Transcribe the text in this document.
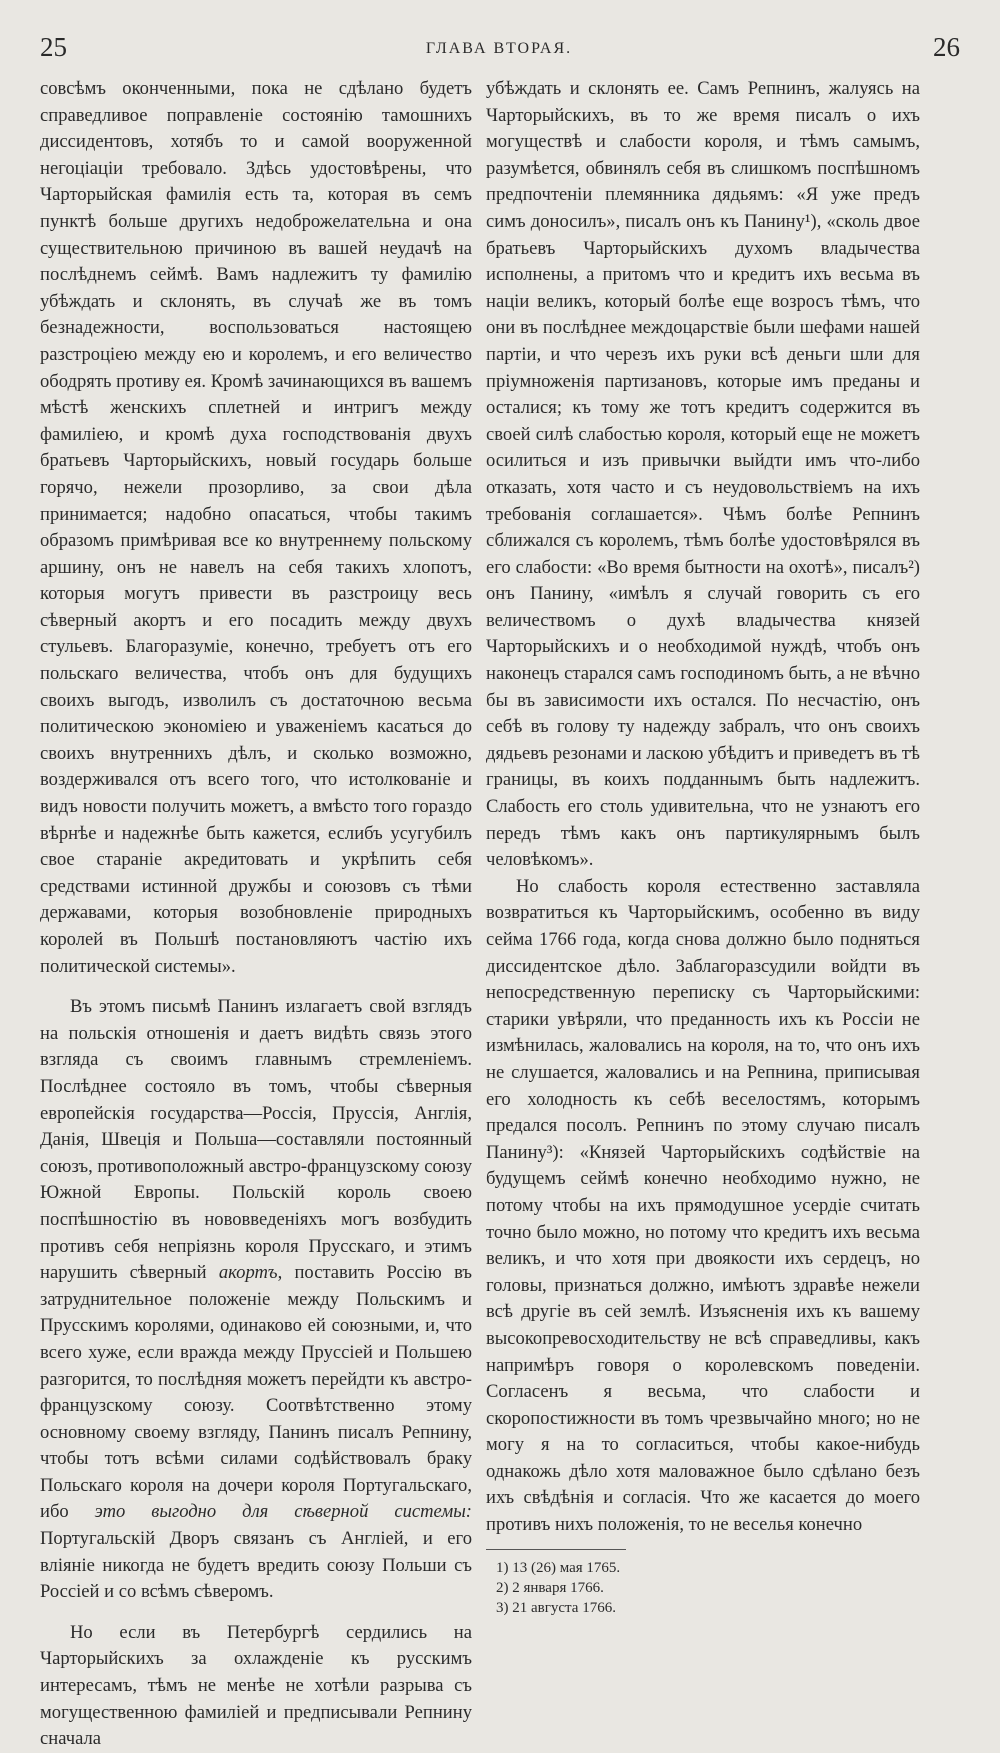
25	ГЛАВА ВТОРАЯ.	26

совсѣмъ оконченными, пока не сдѣлано будетъ справедливое поправленіе состоянію тамошнихъ диссидентовъ, хотябъ то и самой вооруженной негоціаціи требовало. Здѣсь удостовѣрены, что Чарторыйская фамилія есть та, которая въ семъ пунктѣ больше другихъ недоброжелательна и она существительною причиною въ вашей неудачѣ на послѣднемъ сеймѣ. Вамъ надлежитъ ту фамилію убѣждать и склонять, въ случаѣ же въ томъ безнадежности, воспользоваться настоящею разстроціею между ею и королемъ, и его величество ободрять противу ея. Кромѣ зачинающихся въ вашемъ мѣстѣ женскихъ сплетней и интригъ между фамиліею, и кромѣ духа господствованія двухъ братьевъ Чарторыйскихъ, новый государь больше горячо, нежели прозорливо, за свои дѣла принимается; надобно опасаться, чтобы такимъ образомъ примѣривая все ко внутреннему польскому аршину, онъ не навелъ на себя такихъ хлопотъ, которыя могутъ привести въ разстроицу весь сѣверный акортъ и его посадить между двухъ стульевъ. Благоразуміе, конечно, требуетъ отъ его польскаго величества, чтобъ онъ для будущихъ своихъ выгодъ, изволилъ съ достаточною весьма политическою экономіею и уваженіемъ касаться до своихъ внутреннихъ дѣлъ, и сколько возможно, воздерживался отъ всего того, что истолкованіе и видъ новости получить можетъ, а вмѣсто того гораздо вѣрнѣе и надежнѣе быть кажется, еслибъ усугубилъ свое стараніе акредитовать и укрѣпить себя средствами истинной дружбы и союзовъ съ тѣми державами, которыя возобновленіе природныхъ королей въ Польшѣ постановляютъ частію ихъ политической системы».

Въ этомъ письмѣ Панинъ излагаетъ свой взглядъ на польскія отношенія и даетъ видѣть связь этого взгляда съ своимъ главнымъ стремленіемъ. Послѣднее состояло въ томъ, чтобы сѣверныя европейскія государства—Россія, Пруссія, Англія, Данія, Швеція и Польша—составляли постоянный союзъ, противоположный австро-французскому союзу Южной Европы. Польскій король своею поспѣшностію въ нововведеніяхъ могъ возбудить противъ себя непріязнь короля Прусскаго, и этимъ нарушить сѣверный акортъ, поставить Россію въ затруднительное положеніе между Польскимъ и Прусскимъ королями, одинаково ей союзными, и, что всего хуже, если вражда между Пруссіей и Польшею разгорится, то послѣдняя можетъ перейдти къ австро-французскому союзу. Соотвѣтственно этому основному своему взгляду, Панинъ писалъ Репнину, чтобы тотъ всѣми силами содѣйствовалъ браку Польскаго короля на дочери короля Португальскаго, ибо это выгодно для сѣверной системы: Португальскій Дворъ связанъ съ Англіей, и его вліяніе никогда не будетъ вредить союзу Польши съ Россіей и со всѣмъ сѣверомъ.

Но если въ Петербургѣ сердились на Чарторыйскихъ за охлажденіе къ русскимъ интересамъ, тѣмъ не менѣе не хотѣли разрыва съ могущественною фамиліей и предписывали Репнину сначала

убѣждать и склонять ее. Самъ Репнинъ, жалуясь на Чарторыйскихъ, въ то же время писалъ о ихъ могуществѣ и слабости короля, и тѣмъ самымъ, разумѣется, обвинялъ себя въ слишкомъ поспѣшномъ предпочтеніи племянника дядьямъ: «Я уже предъ симъ доносилъ», писалъ онъ къ Панину¹), «сколь двое братьевъ Чарторыйскихъ духомъ владычества исполнены, а притомъ что и кредитъ ихъ весьма въ націи великъ, который болѣе еще возросъ тѣмъ, что они въ послѣднее междоцарствіе были шефами нашей партіи, и что черезъ ихъ руки всѣ деньги шли для пріумноженія партизановъ, которые имъ преданы и осталися; къ тому же тотъ кредитъ содержится въ своей силѣ слабостью короля, который еще не можетъ осилиться и изъ привычки выйдти имъ что-либо отказать, хотя часто и съ неудовольствіемъ на ихъ требованія соглашается». Чѣмъ болѣе Репнинъ сближался съ королемъ, тѣмъ болѣе удостовѣрялся въ его слабости: «Во время бытности на охотѣ», писалъ²) онъ Панину, «имѣлъ я случай говорить съ его величествомъ о духѣ владычества князей Чарторыйскихъ и о необходимой нуждѣ, чтобъ онъ наконецъ старался самъ господиномъ быть, а не вѣчно бы въ зависимости ихъ остался. По несчастію, онъ себѣ въ голову ту надежду забралъ, что онъ своихъ дядьевъ резонами и ласкою убѣдитъ и приведетъ въ тѣ границы, въ коихъ подданнымъ быть надлежитъ. Слабость его столь удивительна, что не узнаютъ его передъ тѣмъ какъ онъ партикулярнымъ былъ человѣкомъ».

Но слабость короля естественно заставляла возвратиться къ Чарторыйскимъ, особенно въ виду сейма 1766 года, когда снова должно было подняться диссидентское дѣло. Заблагоразсудили войдти въ непосредственную переписку съ Чарторыйскими: старики увѣряли, что преданность ихъ къ Россіи не измѣнилась, жаловались на короля, на то, что онъ ихъ не слушается, жаловались и на Репнина, приписывая его холодность къ себѣ веселостямъ, которымъ предался посолъ. Репнинъ по этому случаю писалъ Панину³): «Князей Чарторыйскихъ содѣйствіе на будущемъ сеймѣ конечно необходимо нужно, не потому чтобы на ихъ прямодушное усердіе считать точно было можно, но потому что кредитъ ихъ весьма великъ, и что хотя при двоякости ихъ сердецъ, но головы, признаться должно, имѣютъ здравѣе нежели всѣ другіе въ сей землѣ. Изъясненія ихъ къ вашему высокопревосходительству не всѣ справедливы, какъ напримѣръ говоря о королевскомъ поведеніи. Согласенъ я весьма, что слабости и скоропостижности въ томъ чрезвычайно много; но не могу я на то согласиться, чтобы какое-нибудь однакожь дѣло хотя маловажное было сдѣлано безъ ихъ свѣдѣнія и согласія. Что же касается до моего противъ нихъ положенія, то не веселья конечно

1) 13 (26) мая 1765.
2) 2 января 1766.
3) 21 августа 1766.
